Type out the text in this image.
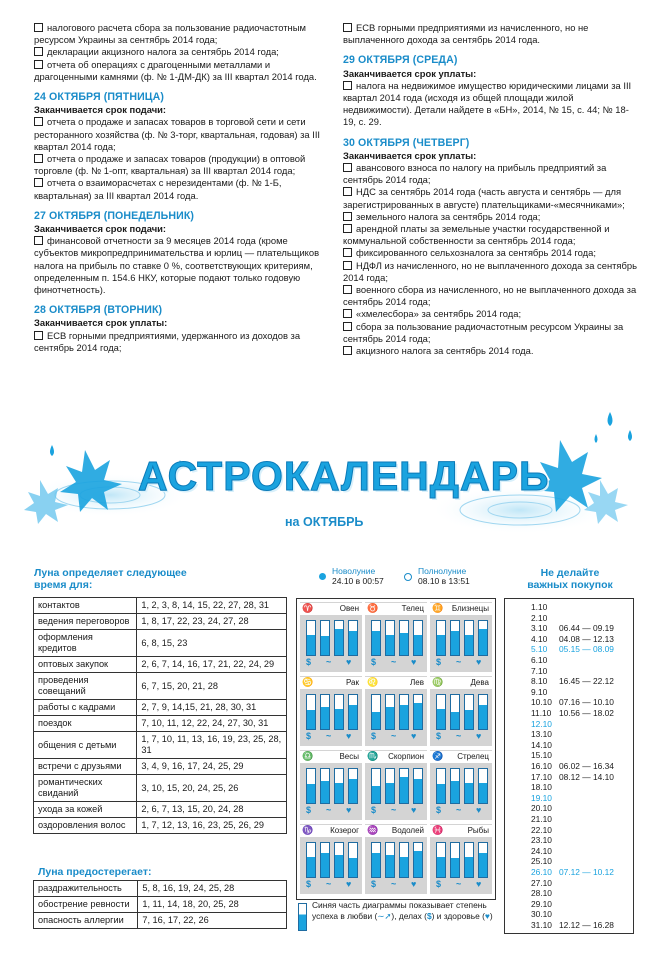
налогового расчета сбора за пользование радиочастотным ресурсом Украины за сентябрь 2014 года;

декларации акцизного налога за сентябрь 2014 года;

отчета об операциях с драгоценными металлами и драгоценными камнями (ф. № 1-ДМ-ДК) за III квартал 2014 года.

24 ОКТЯБРЯ (ПЯТНИЦА)
Заканчивается срок подачи:

отчета о продаже и запасах товаров в торговой сети и сети ресторанного хозяйства (ф. № 3-торг, квартальная, годовая) за III квартал 2014 года;

отчета о продаже и запасах товаров (продукции) в оптовой торговле (ф. № 1-опт, квартальная) за III квартал 2014 года;

отчета о взаиморасчетах с нерезидентами (ф. № 1-Б, квартальная) за III квартал 2014 года.

27 ОКТЯБРЯ (ПОНЕДЕЛЬНИК)
Заканчивается срок подачи:

финансовой отчетности за 9 месяцев 2014 года (кроме субъектов микропредпринимательства и юрлиц — плательщиков налога на прибыль по ставке 0 %, соответствующих критериям, определенным п. 154.6 НКУ, которые подают только годовую финотчетность).

28 ОКТЯБРЯ (ВТОРНИК)
Заканчивается срок уплаты:

ЕСВ горными предприятиями, удержанного из доходов за сентябрь 2014 года;

ЕСВ горными предприятиями из начисленного, но не выплаченного дохода за сентябрь 2014 года.

29 ОКТЯБРЯ (СРЕДА)
Заканчивается срок уплаты:

налога на недвижимое имущество юридическими лицами за III квартал 2014 года (исходя из общей площади жилой недвижимости). Детали найдете в «БН», 2014, № 15, с. 44; № 18-19, с. 29.

30 ОКТЯБРЯ (ЧЕТВЕРГ)
Заканчивается срок уплаты:

авансового взноса по налогу на прибыль предприятий за сентябрь 2014 года;

НДС за сентябрь 2014 года (часть августа и сентябрь — для зарегистрированных в августе) плательщиками-«месячниками»;

земельного налога за сентябрь 2014 года;

арендной платы за земельные участки государственной и коммунальной собственности за сентябрь 2014 года;

фиксированного сельхозналога за сентябрь 2014 года;

НДФЛ из начисленного, но не выплаченного дохода за сентябрь 2014 года;

военного сбора из начисленного, но не выплаченного дохода за сентябрь 2014 года;

«хмелесбора» за сентябрь 2014 года;

сбора за пользование радиочастотным ресурсом Украины за сентябрь 2014 года;

акцизного налога за сентябрь 2014 года.

АСТРОКАЛЕНДАРЬ
на ОКТЯБРЬ
Луна определяет следующее время для:
контактов	1, 2, 3, 8, 14, 15, 22, 27, 28, 31
ведения переговоров	1, 8, 17, 22, 23, 24, 27, 28
оформления кредитов	6, 8, 15, 23
оптовых закупок	2, 6, 7, 14, 16, 17, 21, 22, 24, 29
проведения совещаний	6, 7, 15, 20, 21, 28
работы с кадрами	2, 7, 9, 14,15, 21, 28, 30, 31
поездок	7, 10, 11, 12, 22, 24, 27, 30, 31
общения с детьми	1, 7, 10, 11, 13, 16, 19, 23, 25, 28, 31
встречи с друзьями	3, 4, 9, 16, 17, 24, 25, 29
романтических свиданий	3, 10, 15, 20, 24, 25, 26
ухода за кожей	2, 6, 7, 13, 15, 20, 24, 28
оздоровления волос	1, 7, 12, 13, 16, 23, 25, 26, 29
Луна предостерегает:
раздражительность	5, 8, 16, 19, 24, 25, 28
обострение ревности	1, 11, 14, 18, 20, 25, 28
опасность аллергии	7, 16, 17, 22, 26
Новолуние
24.10 в 00:57
Полнолуние
08.10 в 13:51
Овен
♈
$ ~ ♥
Телец
♉
$ ~ ♥
Близнецы
♊
$ ~ ♥
Рак
♋
$ ~ ♥
Лев
♌
$ ~ ♥
Дева
♍
$ ~ ♥
Весы
♎
$ ~ ♥
Скорпион
♏
$ ~ ♥
Стрелец
♐
$ ~ ♥
Козерог
♑
$ ~ ♥
Водолей
♒
$ ~ ♥
Рыбы
♓
$ ~ ♥
Синяя часть диаграммы показывает степень успеха в любви (∼➚), делах ($) и здоровье (♥)
Не делайте важных покупок
1.10
2.10
3.10 06.44 — 09.19
4.10 04.08 — 12.13
5.10 05.15 — 08.09
6.10
7.10
8.10 16.45 — 22.12
9.10
10.10 07.16 — 10.10
11.10 10.56 — 18.02
12.10
13.10
14.10
15.10
16.10 06.02 — 16.34
17.10 08.12 — 14.10
18.10
19.10
20.10
21.10
22.10
23.10
24.10
25.10
26.10 07.12 — 10.12
27.10
28.10
29.10
30.10
31.10 12.12 — 16.28
